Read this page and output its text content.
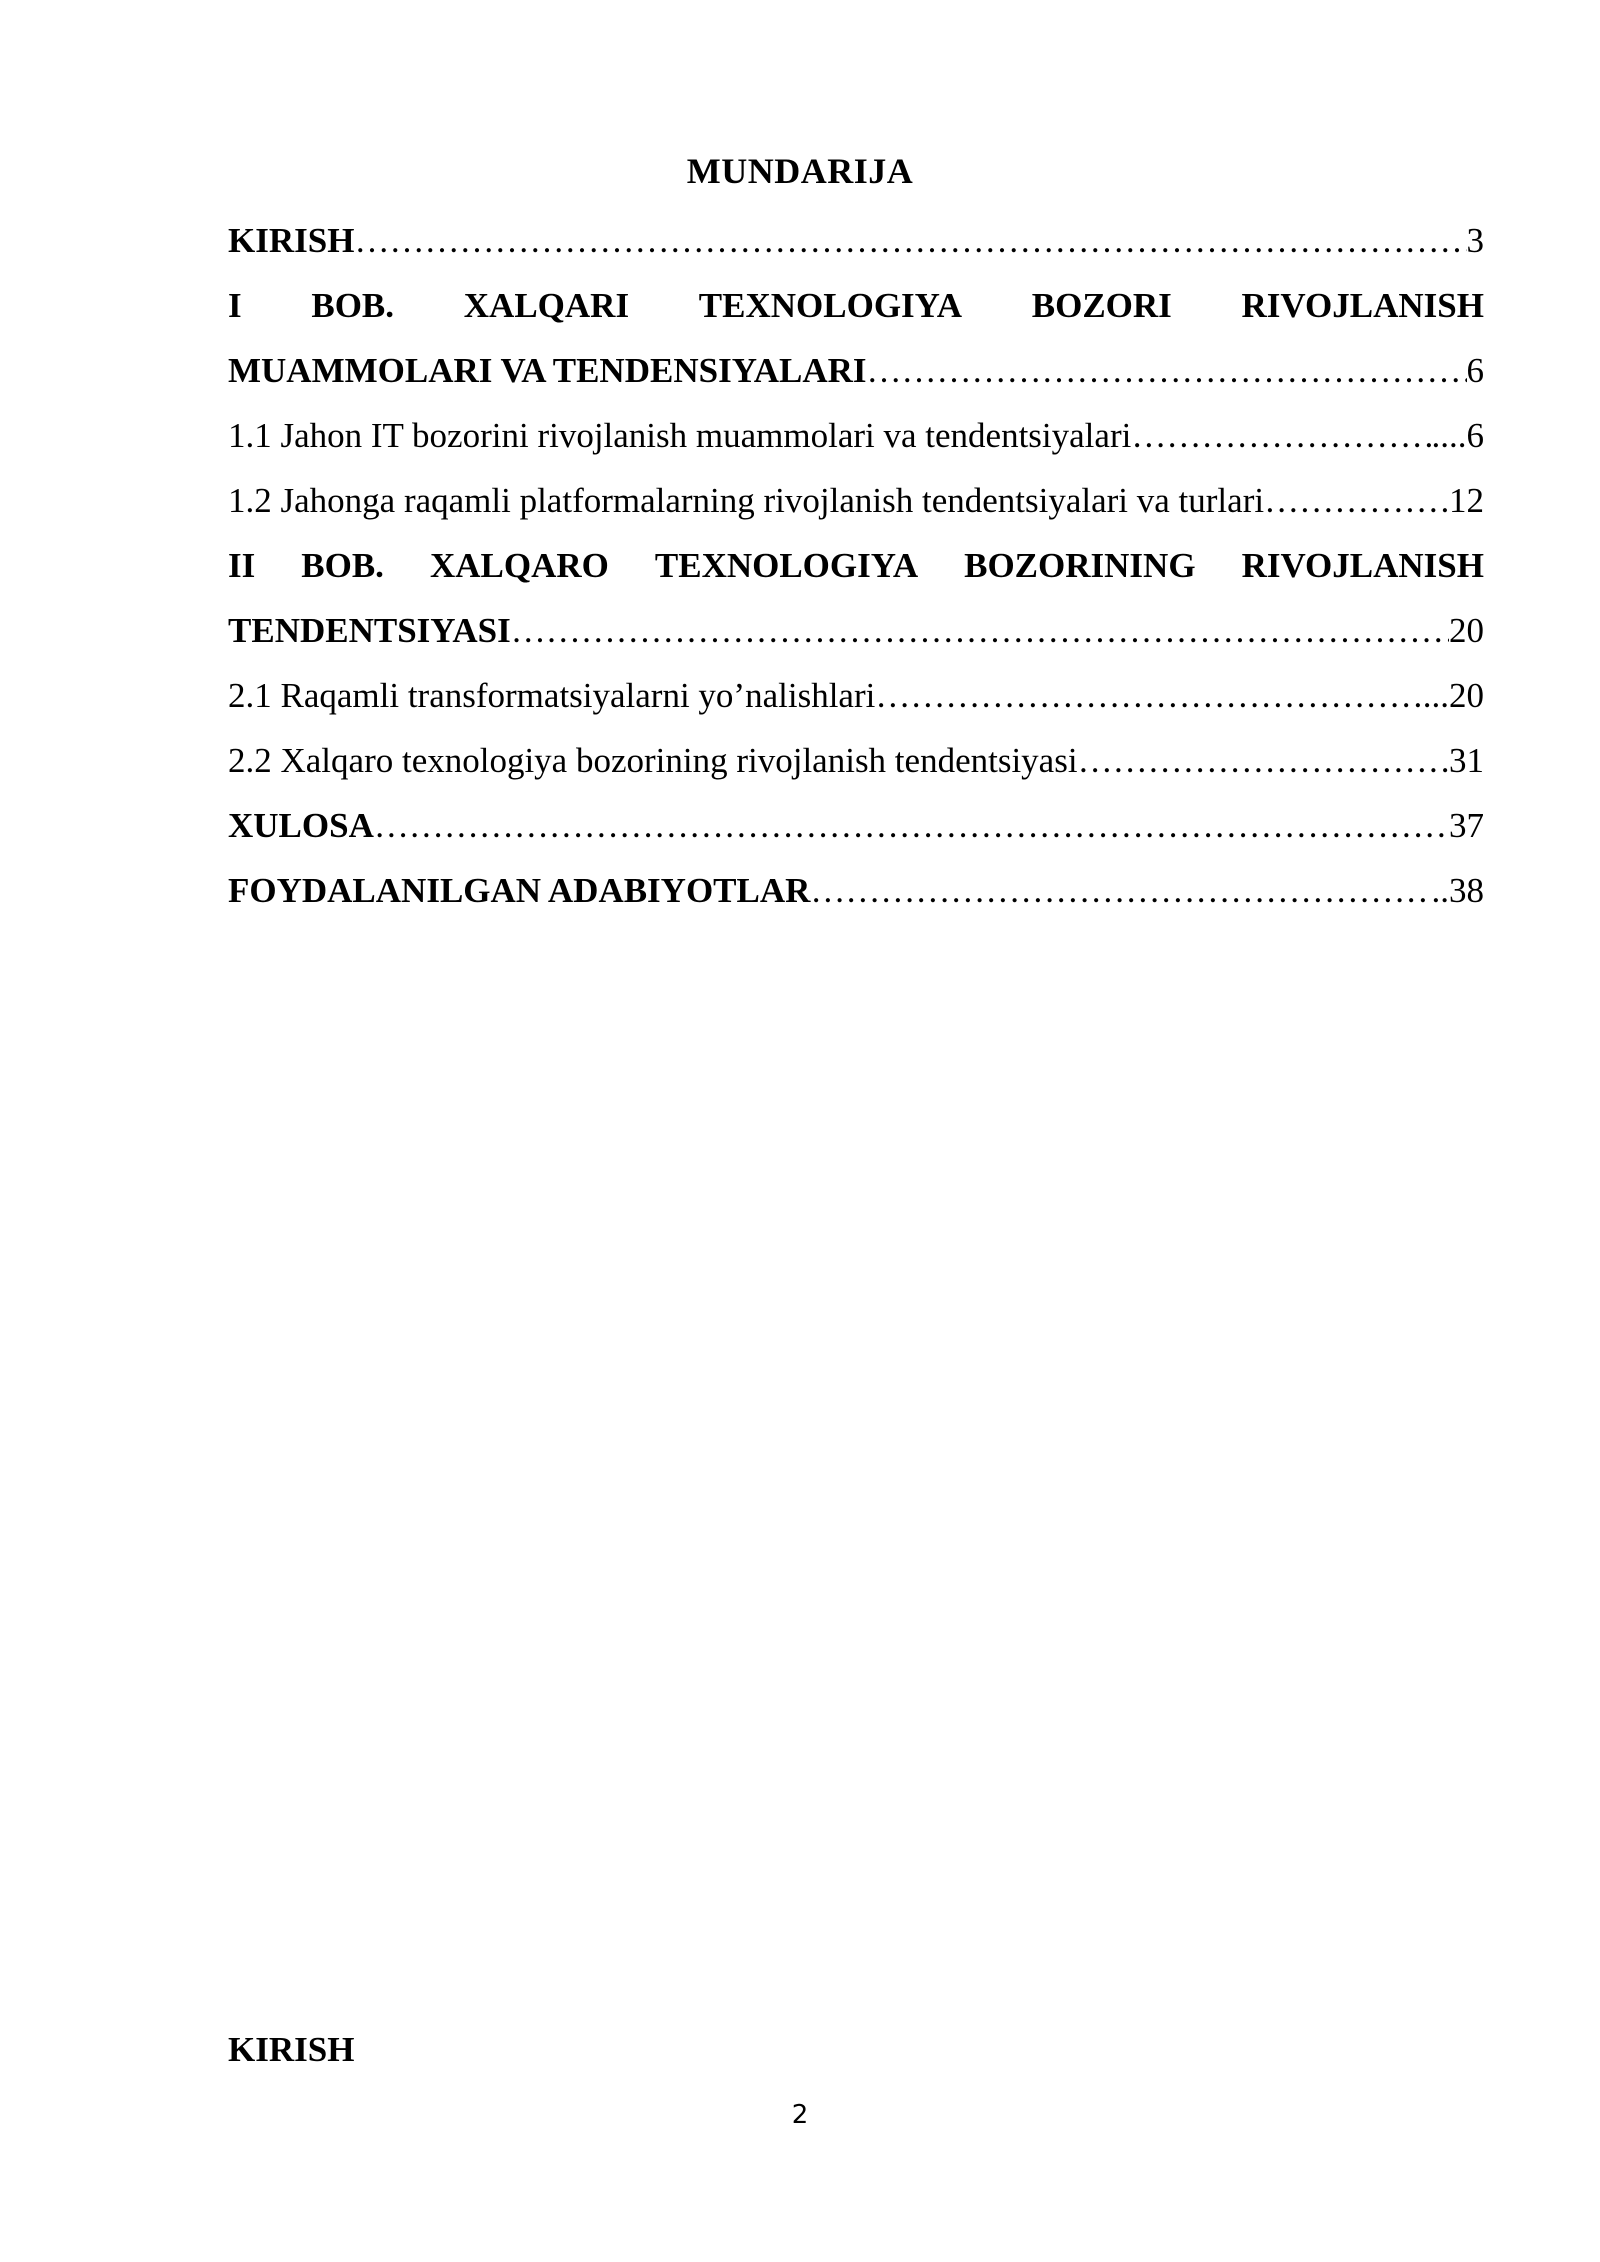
MUNDARIJA
KIRISH ………………………………………………………………………………………………………………………………………………………………………………………	3
I BOB. XALQARI TEXNOLOGIYA BOZORI RIVOJLANISH
MUAMMOLARI VA TENDENSIYALARI ………………………………………………………………………………………………………………………………………………………………………………………	6
1.1 Jahon IT bozorini rivojlanish muammolari va tendentsiyalari ………………………………………………………………………………………………………………………………………………………………………………………	.... 6
1.2 Jahonga raqamli platformalarning rivojlanish tendentsiyalari va turlari ………………………………………………………………………………………………………………………………………………………………………………………	12
II BOB. XALQARO TEXNOLOGIYA BOZORINING RIVOJLANISH
TENDENTSIYASI ………………………………………………………………………………………………………………………………………………………………………………………	20
2.1 Raqamli transformatsiyalarni yo’nalishlari ………………………………………………………………………………………………………………………………………………………………………………………	... 20
2.2 Xalqaro texnologiya bozorining rivojlanish tendentsiyasi ………………………………………………………………………………………………………………………………………………………………………………………	31
XULOSA ………………………………………………………………………………………………………………………………………………………………………………………	37
FOYDALANILGAN ADABIYOTLAR ………………………………………………………………………………………………………………………………………………………………………………………	.. 38
KIRISH
2
